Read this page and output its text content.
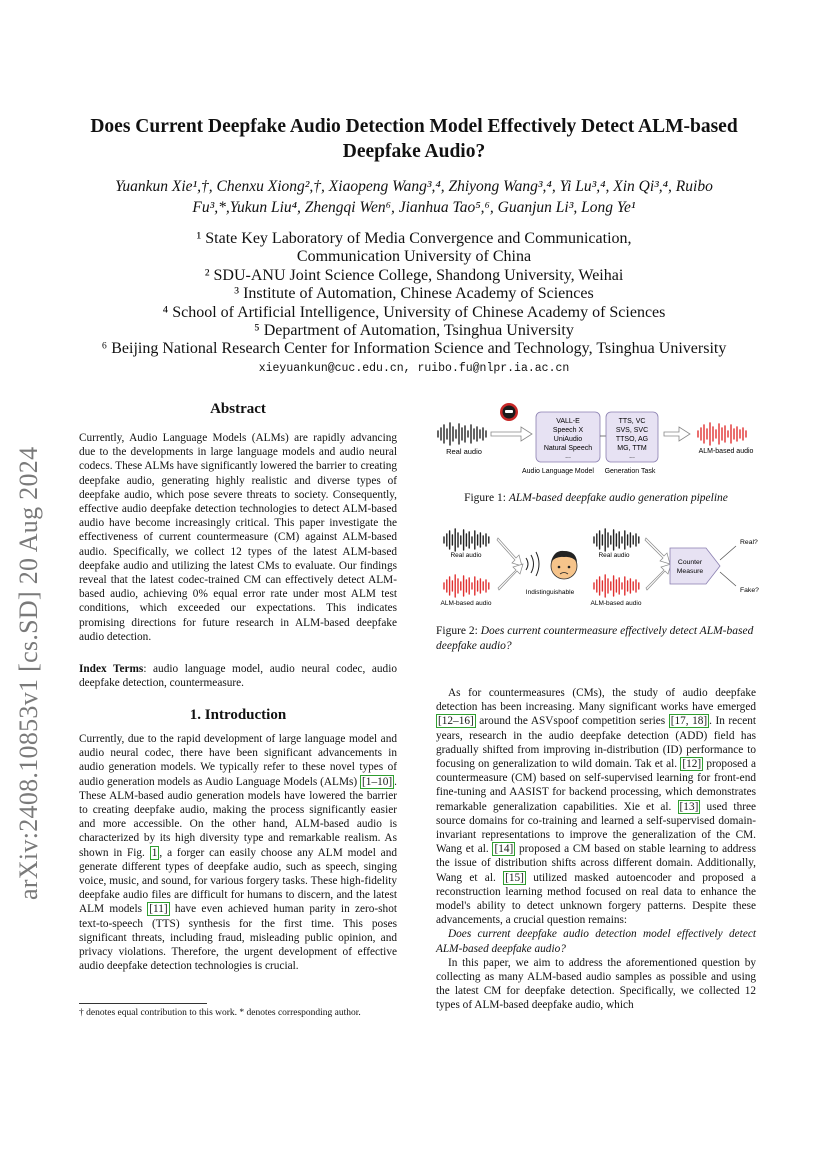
arXiv:2408.10853v1 [cs.SD] 20 Aug 2024
Does Current Deepfake Audio Detection Model Effectively Detect ALM-based Deepfake Audio?
Yuankun Xie¹,†, Chenxu Xiong²,†, Xiaopeng Wang³,⁴, Zhiyong Wang³,⁴, Yi Lu³,⁴, Xin Qi³,⁴, Ruibo
Fu³,*,Yukun Liu⁴, Zhengqi Wen⁶, Jianhua Tao⁵,⁶, Guanjun Li³, Long Ye¹
¹ State Key Laboratory of Media Convergence and Communication,
Communication University of China
² SDU-ANU Joint Science College, Shandong University, Weihai
³ Institute of Automation, Chinese Academy of Sciences
⁴ School of Artificial Intelligence, University of Chinese Academy of Sciences
⁵ Department of Automation, Tsinghua University
⁶ Beijing National Research Center for Information Science and Technology, Tsinghua University
xieyuankun@cuc.edu.cn, ruibo.fu@nlpr.ia.ac.cn
Abstract

Currently, Audio Language Models (ALMs) are rapidly advancing due to the developments in large language models and audio neural codecs. These ALMs have significantly lowered the barrier to creating deepfake audio, generating highly realistic and diverse types of deepfake audio, which pose severe threats to society. Consequently, effective audio deepfake detection technologies to detect ALM-based audio have become increasingly critical. This paper investigate the effectiveness of current countermeasure (CM) against ALM-based audio. Specifically, we collect 12 types of the latest ALM-based deepfake audio and utilizing the latest CMs to evaluate. Our findings reveal that the latest codec-trained CM can effectively detect ALM-based audio, achieving 0% equal error rate under most ALM test conditions, which exceeded our expectations. This indicates promising directions for future research in ALM-based deepfake audio detection.

Index Terms: audio language model, audio neural codec, audio deepfake detection, countermeasure.

1. Introduction

Currently, due to the rapid development of large language model and audio neural codec, there have been significant advancements in audio generation models. We typically refer to these novel types of audio generation models as Audio Language Models (ALMs) [1–10] . These ALM-based audio generation models have lowered the barrier to creating deepfake audio, making the process significantly easier and more accessible. On the other hand, ALM-based audio is characterized by its high diversity type and remarkable realism. As shown in Fig. 1 , a forger can easily choose any ALM model and generate different types of deepfake audio, such as speech, singing voice, music, and sound, for various forgery tasks. These high-fidelity deepfake audio files are difficult for humans to discern, and the latest ALM models [11] have even achieved human parity in zero-shot text-to-speech (TTS) synthesis for the first time. This poses significant threats, including fraud, misleading public opinion, and privacy violations. Therefore, the urgent development of effective audio deepfake detection technologies is crucial.

† denotes equal contribution to this work. * denotes corresponding author.
Real audio
VALL-E
Speech X
UniAudio
Natural Speech
...
Audio Language Model
TTS, VC
SVS, SVC
TTSO, AG
MG, TTM
...
Generation Task
ALM-based audio
Figure 1: ALM-based deepfake audio generation pipeline
Real audio
ALM-based audio
Indistinguishable
Real audio
ALM-based audio
Counter
Measure
Real?
Fake?
Figure 2: Does current countermeasure effectively detect ALM-based deepfake audio?

As for countermeasures (CMs), the study of audio deepfake detection has been increasing. Many significant works have emerged [12–16] around the ASVspoof competition series [17, 18] . In recent years, research in the audio deepfake detection (ADD) field has gradually shifted from improving in-distribution (ID) performance to focusing on generalization to wild domain. Tak et al. [12] proposed a countermeasure (CM) based on self-supervised learning for front-end fine-tuning and AASIST for backend processing, which demonstrates remarkable generalization capabilities. Xie et al. [13] used three source domains for co-training and learned a self-supervised domain-invariant representations to improve the generalization of the CM. Wang et al. [14] proposed a CM based on stable learning to address the issue of distribution shifts across different domain. Additionally, Wang et al. [15] utilized masked autoencoder and proposed a reconstruction learning method focused on real data to enhance the model's ability to detect unknown forgery patterns. Despite these advancements, a crucial question remains:

Does current deepfake audio detection model effectively detect ALM-based deepfake audio?

In this paper, we aim to address the aforementioned question by collecting as many ALM-based audio samples as possible and using the latest CM for deepfake detection. Specifically, we collected 12 types of ALM-based deepfake audio, which
